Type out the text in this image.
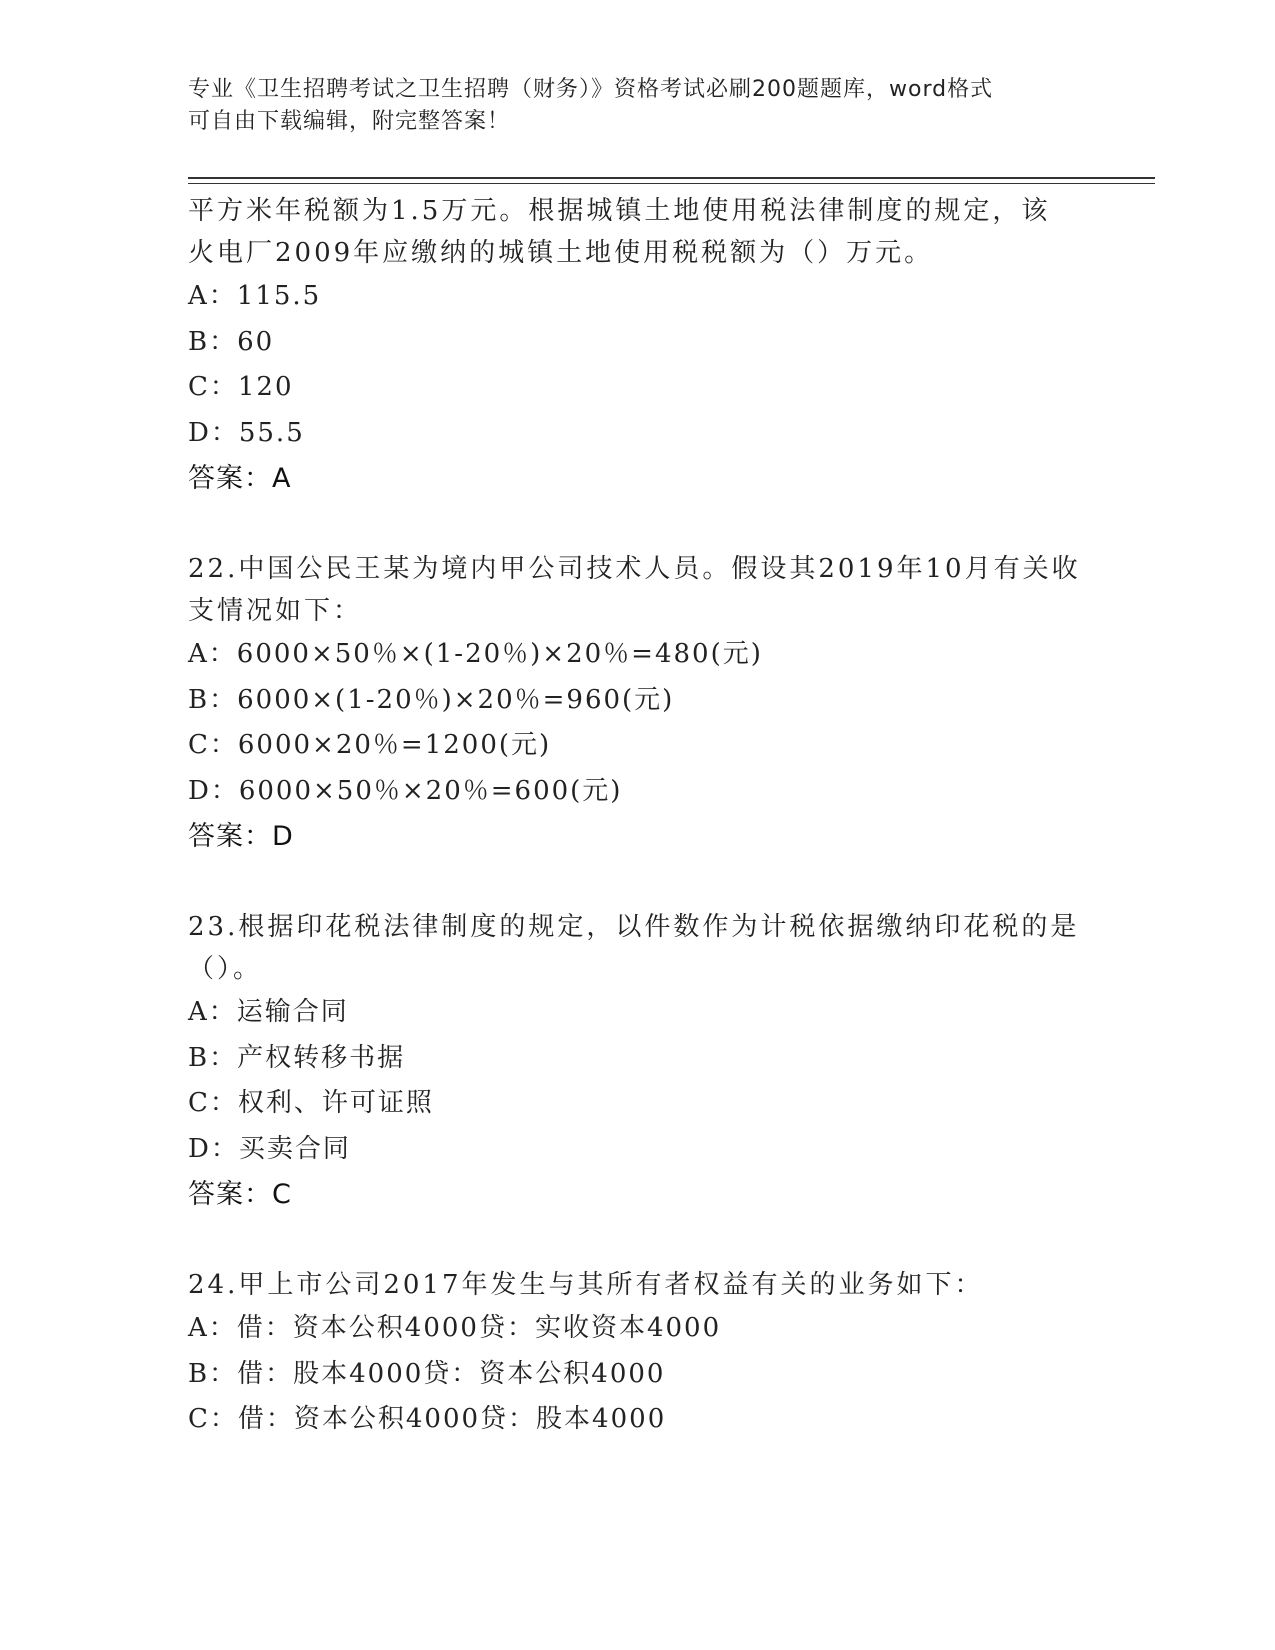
专业《卫生招聘考试之卫生招聘（财务）》资格考试必刷200题题库，word格式
可自由下载编辑，附完整答案！
平方米年税额为1.5万元。根据城镇土地使用税法律制度的规定，该
火电厂2009年应缴纳的城镇土地使用税税额为（）万元。
A：115.5
B：60
C：120
D：55.5
答案：A
22.中国公民王某为境内甲公司技术人员。假设其2019年10月有关收
支情况如下：
A：6000×50％×(1-20％)×20％=480(元)
B：6000×(1-20％)×20％=960(元)
C：6000×20％=1200(元)
D：6000×50％×20％=600(元)
答案：D
23.根据印花税法律制度的规定，以件数作为计税依据缴纳印花税的是
（）。
A：运输合同
B：产权转移书据
C：权利、许可证照
D：买卖合同
答案：C
24.甲上市公司2017年发生与其所有者权益有关的业务如下：
A：借：资本公积4000贷：实收资本4000
B：借：股本4000贷：资本公积4000
C：借：资本公积4000贷：股本4000
